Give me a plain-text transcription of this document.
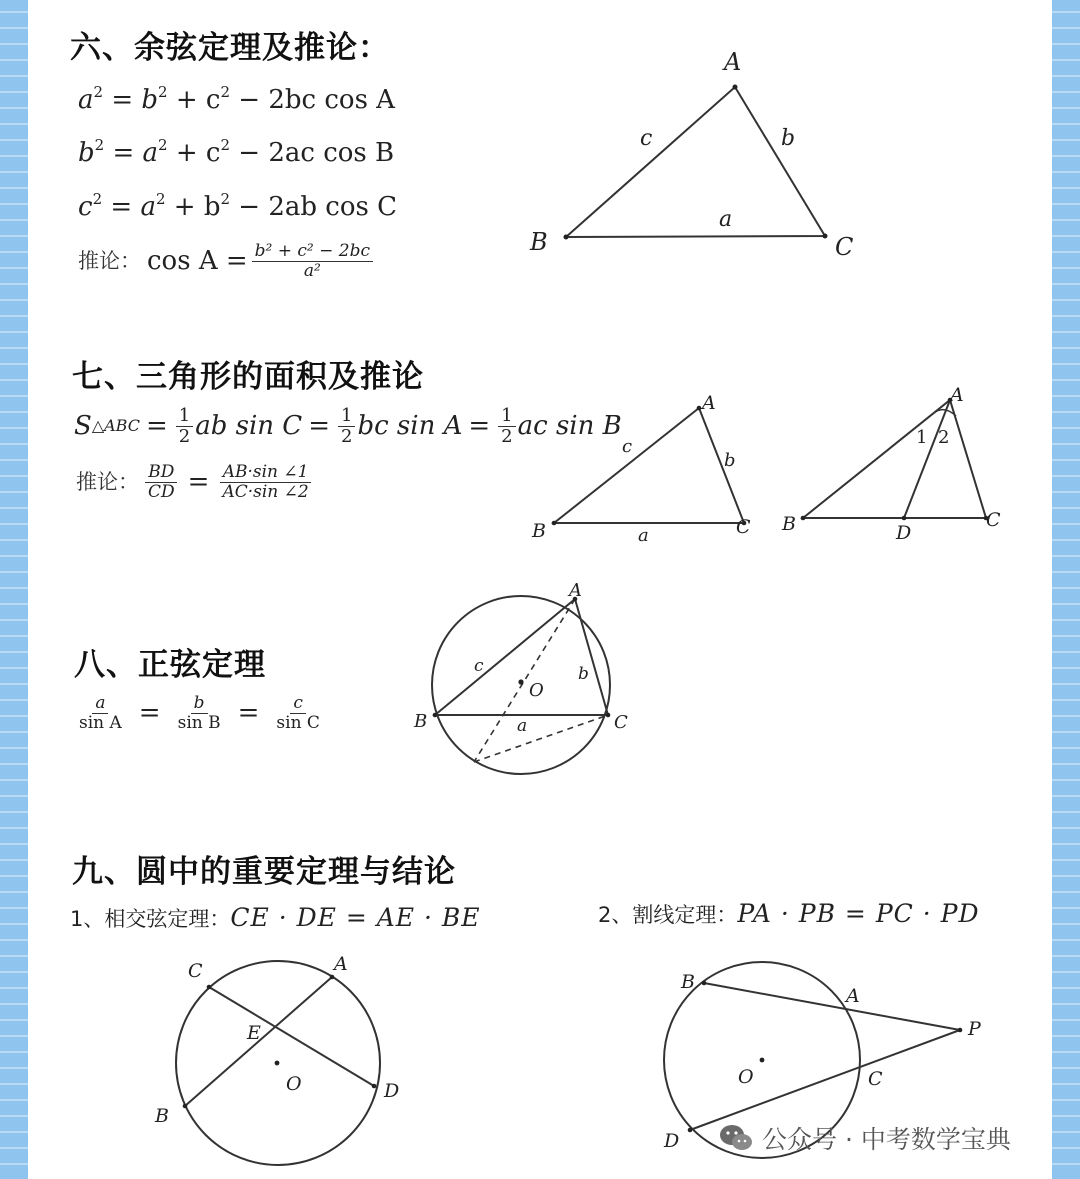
六、余弦定理及推论：
$a^2 = b^2 + c^2 - 2bc$ cos A
$b^2 = a^2 + c^2 - 2ac$ cos B
$c^2 = a^2 + b^2 - 2ab$ cos C
推论： $\cos A = \frac{\text{b² + c² − 2bc}}{\text{a²}}$
A
B	C
a
b
c
七、三角形的面积及推论
S △ABC = $\frac{1}{2}$ ab $\sin C = \frac{1}{2}$ bc $\sin A = \frac{1}{2}$ ac sin B
推论： $\frac{BD}{CD} = \frac{AB\cdot\sin \angle 1}{AC\cdot\sin \angle 2}$
A
B	C
a
b
c
A
B	C
D
1 2
八、正弦定理
$\frac{a}{\text{sin A}} = \frac{b}{\text{sin B}} = \frac{c}{\text{sin C}}$
A
B	C
O
a
b
c
九、圆中的重要定理与结论
1、相交弦定理：CE · DE = AE · BE	2、割线定理：PA · PB = PC · PD
C	A
D
B
E
O
B
A
P
C
D
O
公众号 · 中考数学宝典
